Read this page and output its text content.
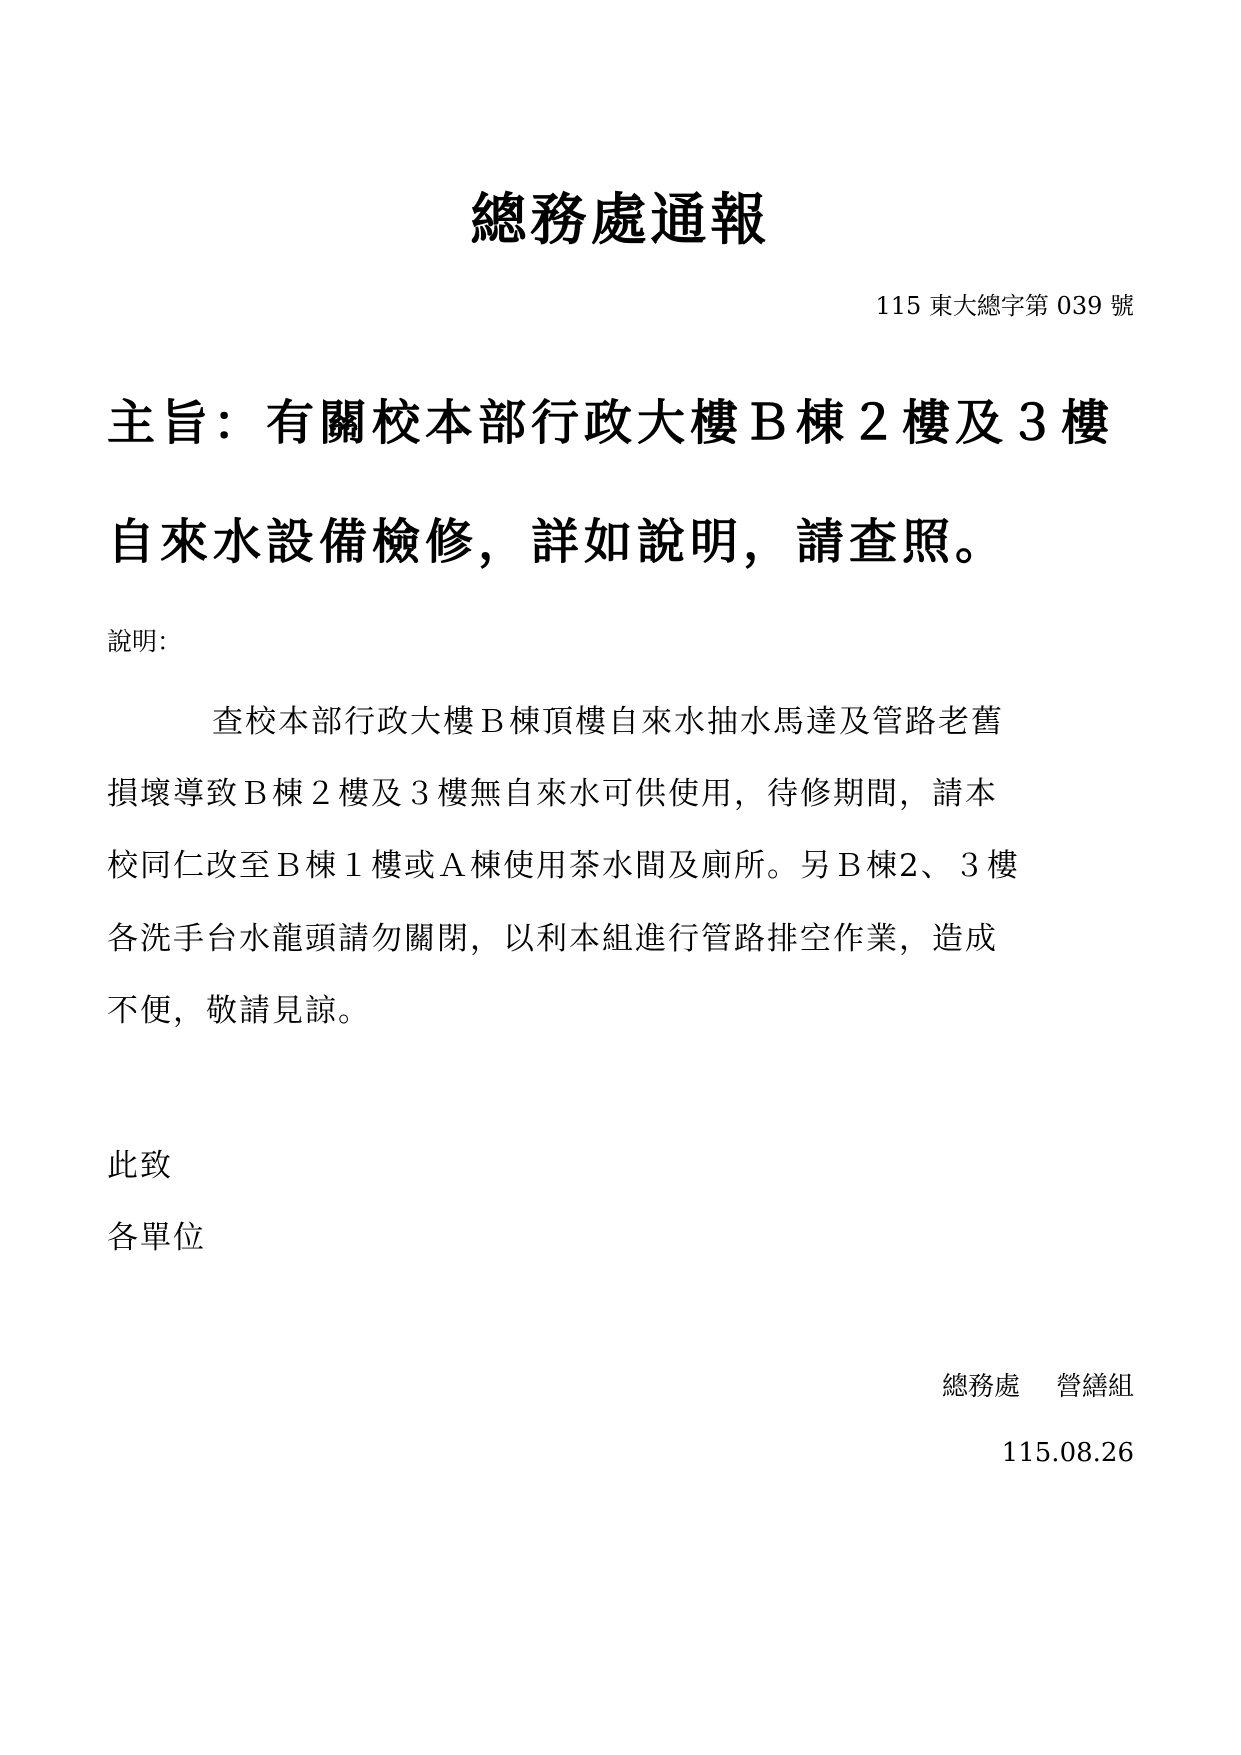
總務處通報
115 東大總字第 039 號
主旨：有關校本部行政大樓Ｂ棟２樓及３樓
自來水設備檢修，詳如說明，請查照。
說明：
查校本部行政大樓Ｂ棟頂樓自來水抽水馬達及管路老舊
損壞導致Ｂ棟２樓及３樓無自來水可供使用，待修期間，請本
校同仁改至Ｂ棟１樓或Ａ棟使用茶水間及廁所。另Ｂ棟2、３樓
各洗手台水龍頭請勿關閉，以利本組進行管路排空作業，造成
不便，敬請見諒。
此致
各單位
總務處 營繕組
115.08.26
